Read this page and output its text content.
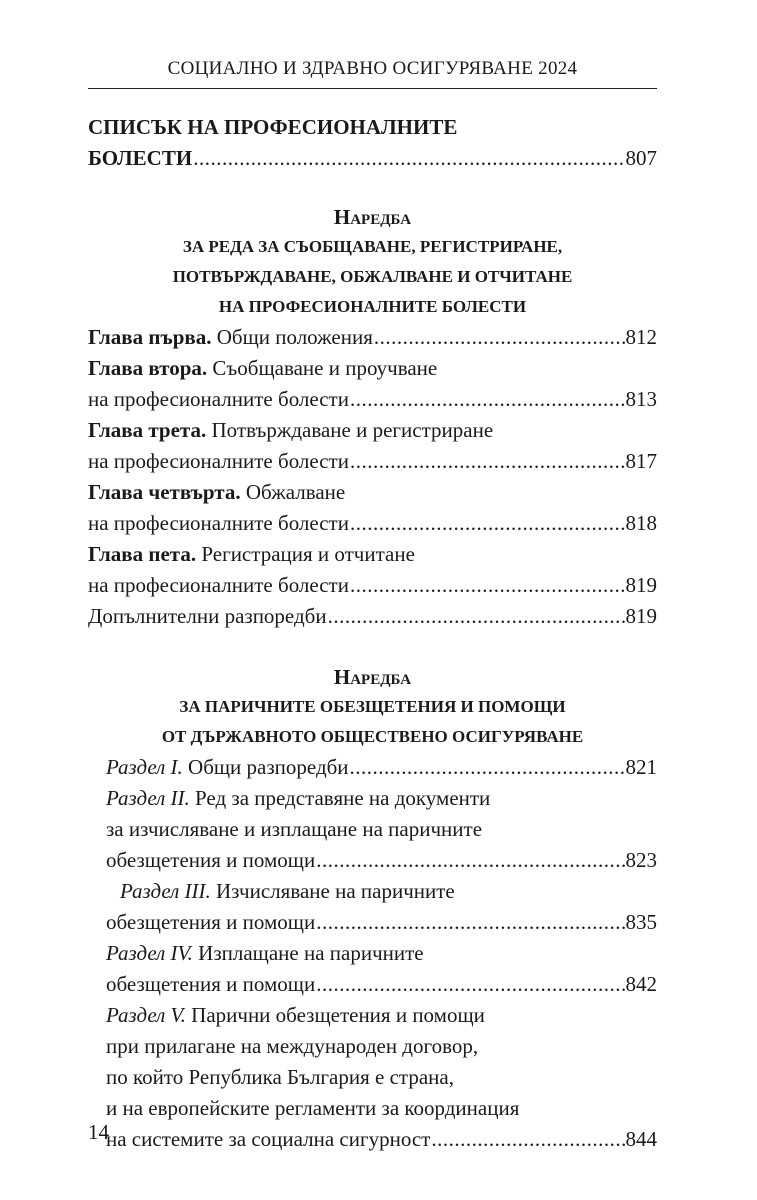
СОЦИАЛНО И ЗДРАВНО ОСИГУРЯВАНЕ 2024
СПИСЪК НА ПРОФЕСИОНАЛНИТЕ
БОЛЕСТИ .....	807
Наредба
ЗА РЕДА ЗА СЪОБЩАВАНЕ, РЕГИСТРИРАНЕ,
ПОТВЪРЖДАВАНЕ, ОБЖАЛВАНЕ И ОТЧИТАНЕ
НА ПРОФЕСИОНАЛНИТЕ БОЛЕСТИ
Глава първа. Общи положения .....	812
Глава втора. Съобщаване и проучване
на професионалните болести .....	813
Глава трета. Потвърждаване и регистриране
на професионалните болести .....	817
Глава четвърта. Обжалване
на професионалните болести .....	818
Глава пета. Регистрация и отчитане
на професионалните болести .....	819
Допълнителни разпоредби .....	819
Наредба
ЗА ПАРИЧНИТЕ ОБЕЗЩЕТЕНИЯ И ПОМОЩИ
ОТ ДЪРЖАВНОТО ОБЩЕСТВЕНО ОСИГУРЯВАНЕ
Раздел I. Общи разпоредби .....	821
Раздел II. Ред за представяне на документи
за изчисляване и изплащане на паричните
обезщетения и помощи .....	823
Раздел III. Изчисляване на паричните
обезщетения и помощи .....	835
Раздел IV. Изплащане на паричните
обезщетения и помощи .....	842
Раздел V. Парични обезщетения и помощи
при прилагане на международен договор,
по който Република България е страна,
и на европейските регламенти за координация
на системите за социална сигурност .....	844
14
